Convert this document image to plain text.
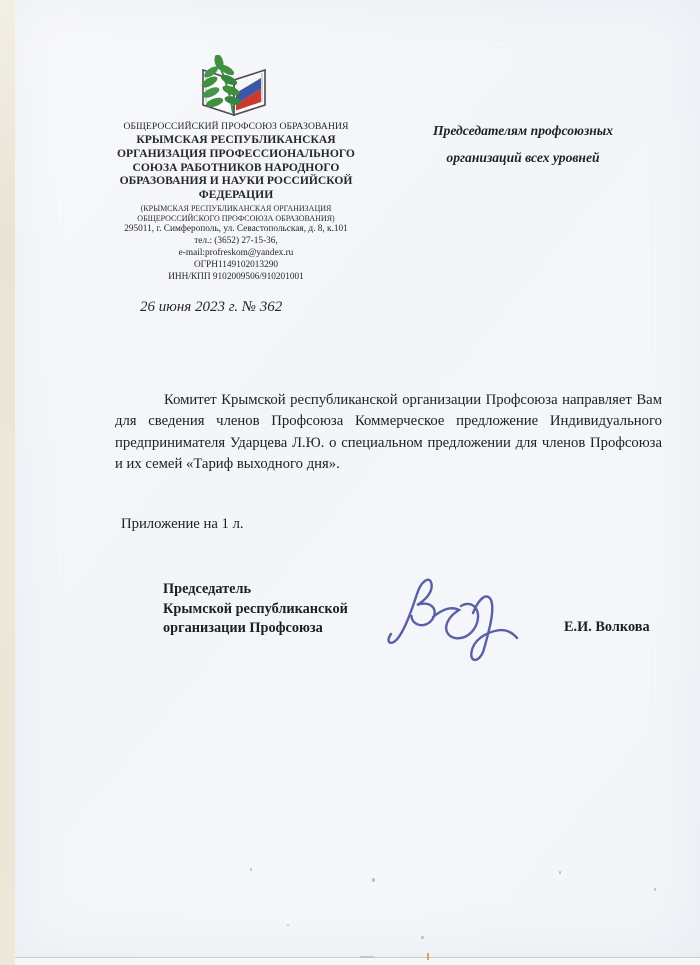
ОБЩЕРОССИЙСКИЙ ПРОФСОЮЗ ОБРАЗОВАНИЯ
КРЫМСКАЯ РЕСПУБЛИКАНСКАЯ
ОРГАНИЗАЦИЯ ПРОФЕССИОНАЛЬНОГО
СОЮЗА РАБОТНИКОВ НАРОДНОГО
ОБРАЗОВАНИЯ И НАУКИ РОССИЙСКОЙ
ФЕДЕРАЦИИ
(КРЫМСКАЯ РЕСПУБЛИКАНСКАЯ ОРГАНИЗАЦИЯ
ОБЩЕРОССИЙСКОГО ПРОФСОЮЗА ОБРАЗОВАНИЯ)
295011, г. Симферополь, ул. Севастопольская, д. 8, к.101
тел.: (3652) 27-15-36,
e-mail:profreskom@yandex.ru
ОГРН1149102013290
ИНН/КПП 9102009506/910201001
Председателям профсоюзных
организаций всех уровней
26 июня 2023 г. № 362
Комитет Крымской республиканской организации Профсоюза направляет Вам для сведения членов Профсоюза Коммерческое предложение Индивидуального предпринимателя Ударцева Л.Ю. о специальном предложении для членов Профсоюза и их семей «Тариф выходного дня».
Приложение на 1 л.
Председатель
Крымской республиканской
организации Профсоюза	Е.И. Волкова
